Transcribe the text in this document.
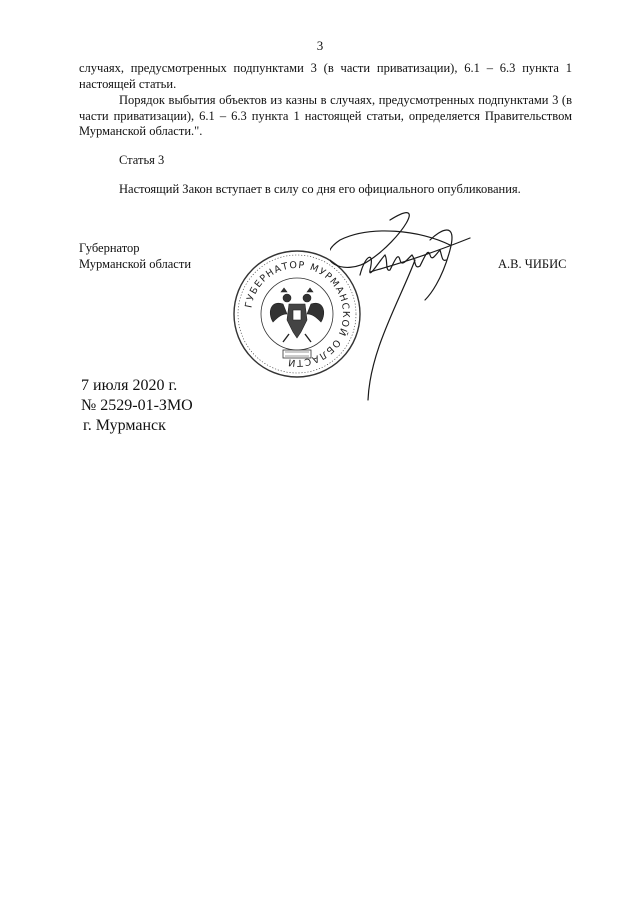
3
случаях, предусмотренных подпунктами 3 (в части приватизации), 6.1 – 6.3 пункта 1 настоящей статьи.
Порядок выбытия объектов из казны в случаях, предусмотренных подпунктами 3 (в части приватизации), 6.1 – 6.3 пункта 1 настоящей статьи, определяется Правительством Мурманской области.".
Статья 3
Настоящий Закон вступает в силу со дня его официального опубликования.
Губернатор
Мурманской области	А.В. ЧИБИС
ГУБЕРНАТОР МУРМАНСКОЙ ОБЛАСТИ
7 июля 2020 г.
№ 2529-01-ЗМО
г. Мурманск
